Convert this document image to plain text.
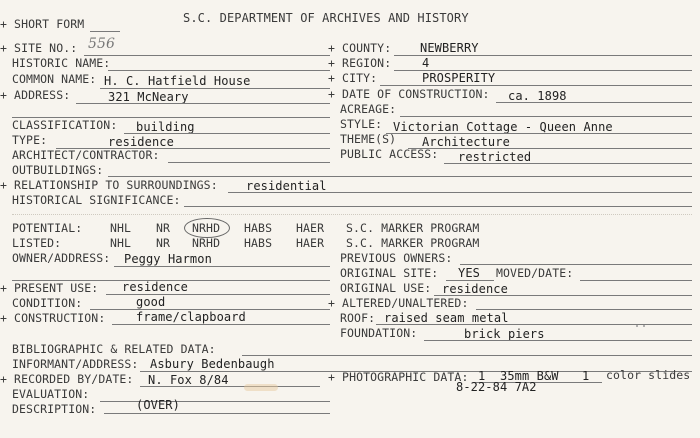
+ SHORT FORM	S.C. DEPARTMENT OF ARCHIVES AND HISTORY
+ SITE NO.: 556
HISTORIC NAME:
COMMON NAME: H. C. Hatfield House
+ ADDRESS:	321 McNeary
CLASSIFICATION: building
TYPE:	residence
ARCHITECT/CONTRACTOR:
OUTBUILDINGS:
+ RELATIONSHIP TO SURROUNDINGS: residential
HISTORICAL SIGNIFICANCE:
+ COUNTY: NEWBERRY
+ REGION:	4
+ CITY:	PROSPERITY
+ DATE OF CONSTRUCTION: ca. 1898
ACREAGE:
STYLE: Victorian Cottage - Queen Anne
THEME(S) Architecture
PUBLIC ACCESS: restricted
POTENTIAL: NHL NR NRHD HABS HAER S.C. MARKER PROGRAM
LISTED:	NHL NR NRHD HABS HAER S.C. MARKER PROGRAM
OWNER/ADDRESS: Peggy Harmon	PREVIOUS OWNERS:
ORIGINAL SITE: YES MOVED/DATE:
+ PRESENT USE: residence	ORIGINAL USE: residence
CONDITION:	good	+ ALTERED/UNALTERED:
+ CONSTRUCTION:	frame/clapboard	ROOF: raised seam metal
FOUNDATION:	brick piers
BIBLIOGRAPHIC & RELATED DATA:
INFORMANT/ADDRESS: Asbury Bedenbaugh
+ RECORDED BY/DATE: N. Fox 8/84	+ PHOTOGRAPHIC DATA: 1 35mm B&W 1 color slides
8-22-84 7A2
EVALUATION:
DESCRIPTION:	(OVER)
